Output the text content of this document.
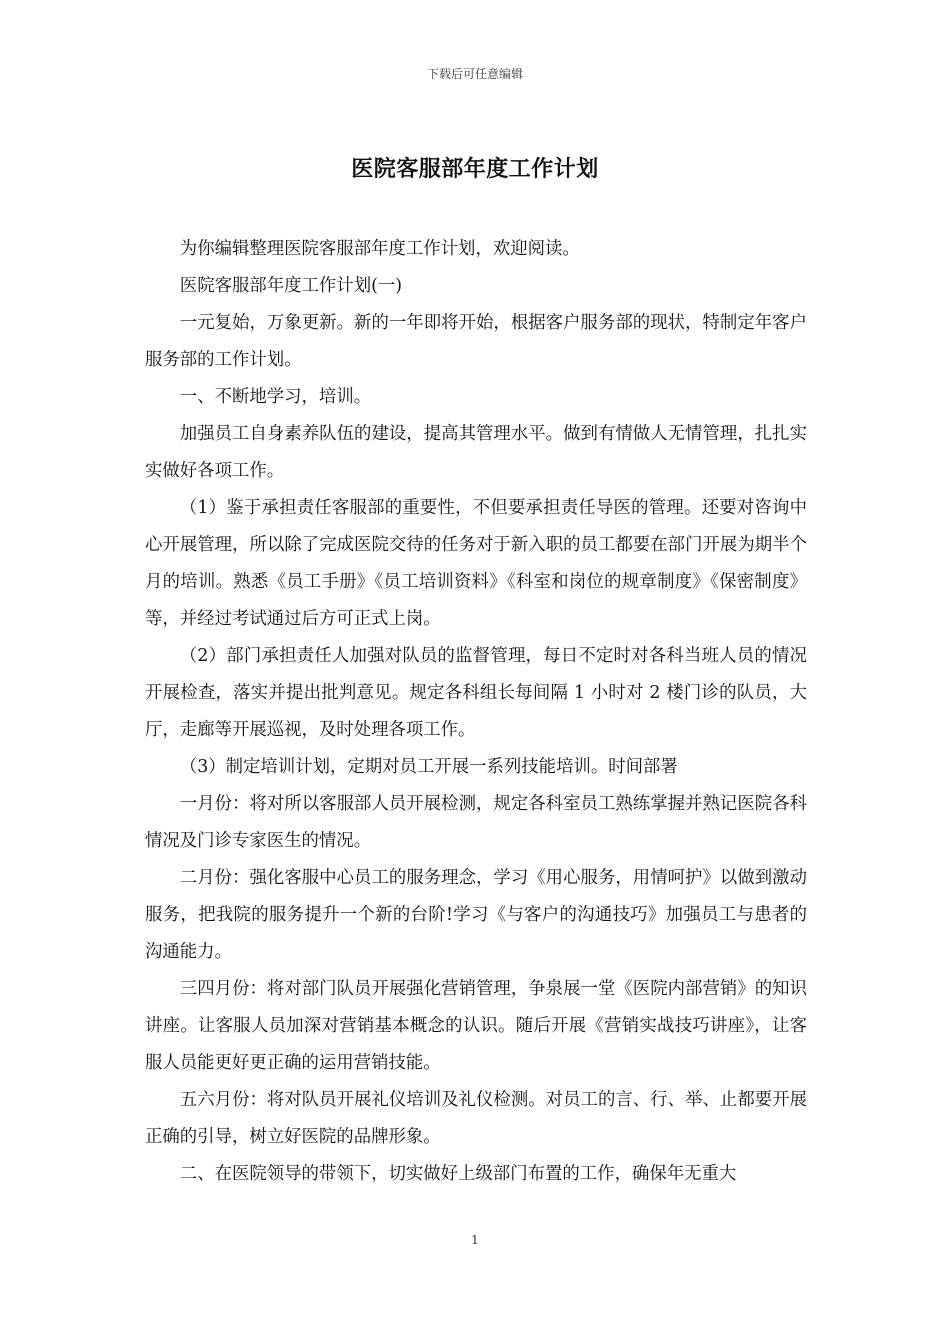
下载后可任意编辑
医院客服部年度工作计划

为你编辑整理医院客服部年度工作计划，欢迎阅读。

医院客服部年度工作计划(一)

一元复始，万象更新。新的一年即将开始，根据客户服务部的现状，特制定年客户服务部的工作计划。

一、不断地学习，培训。

加强员工自身素养队伍的建设，提高其管理水平。做到有情做人无情管理，扎扎实实做好各项工作。

（1）鉴于承担责任客服部的重要性，不但要承担责任导医的管理。还要对咨询中心开展管理，所以除了完成医院交待的任务对于新入职的员工都要在部门开展为期半个月的培训。熟悉《员工手册》《员工培训资料》《科室和岗位的规章制度》《保密制度》等，并经过考试通过后方可正式上岗。

（2）部门承担责任人加强对队员的监督管理，每日不定时对各科当班人员的情况开展检查，落实并提出批判意见。规定各科组长每间隔 1 小时对 2 楼门诊的队员，大厅，走廊等开展巡视，及时处理各项工作。

（3）制定培训计划，定期对员工开展一系列技能培训。时间部署

一月份：将对所以客服部人员开展检测，规定各科室员工熟练掌握并熟记医院各科情况及门诊专家医生的情况。

二月份：强化客服中心员工的服务理念，学习《用心服务，用情呵护》以做到激动服务，把我院的服务提升一个新的台阶!学习《与客户的沟通技巧》加强员工与患者的沟通能力。

三四月份：将对部门队员开展强化营销管理，争泉展一堂《医院内部营销》的知识讲座。让客服人员加深对营销基本概念的认识。随后开展《营销实战技巧讲座》，让客服人员能更好更正确的运用营销技能。

五六月份：将对队员开展礼仪培训及礼仪检测。对员工的言、行、举、止都要开展正确的引导，树立好医院的品牌形象。

二、在医院领导的带领下，切实做好上级部门布置的工作，确保年无重大

1
